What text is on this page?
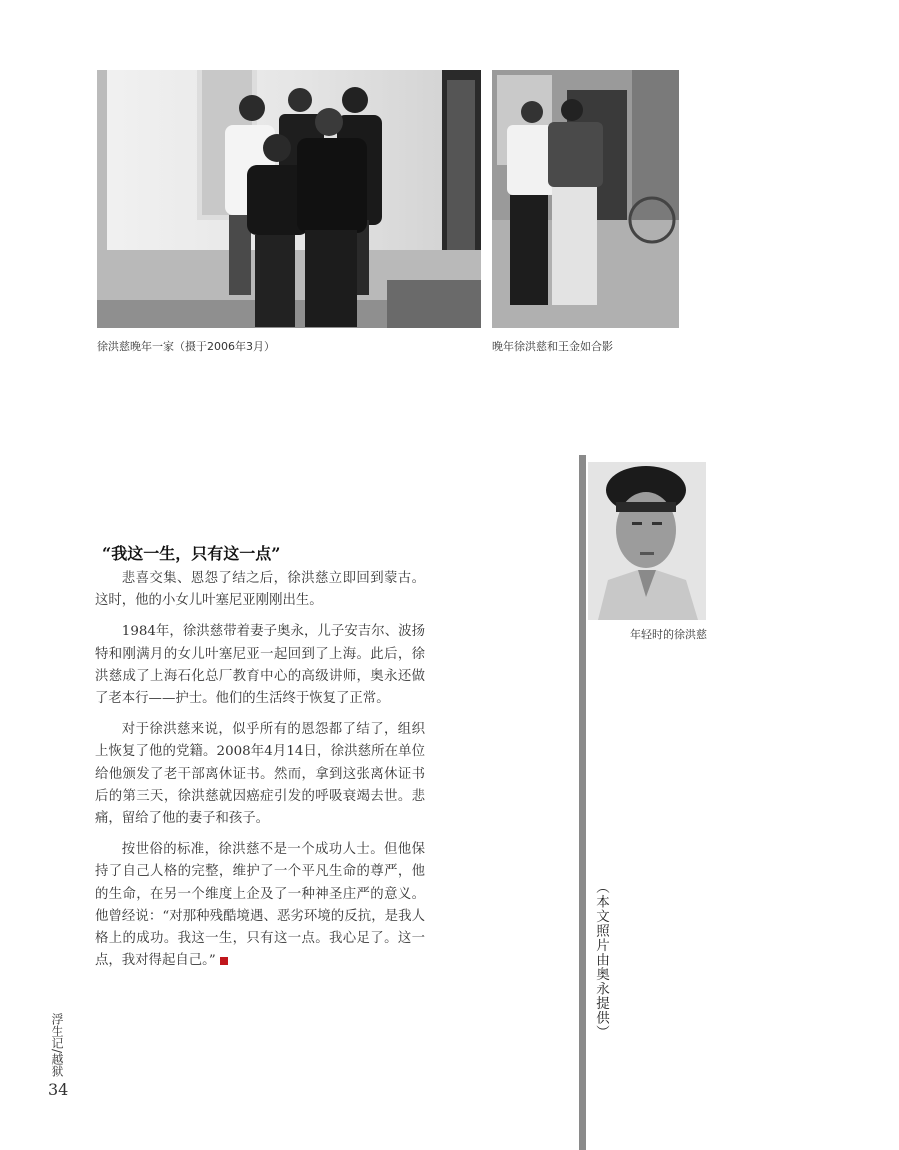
徐洪慈晚年一家（摄于2006年3月）	晚年徐洪慈和王金如合影
“我这一生，只有这一点”

悲喜交集、恩怨了结之后，徐洪慈立即回到蒙古。这时，他的小女儿叶塞尼亚刚刚出生。

1984年，徐洪慈带着妻子奥永，儿子安吉尔、波扬特和刚满月的女儿叶塞尼亚一起回到了上海。此后，徐洪慈成了上海石化总厂教育中心的高级讲师，奥永还做了老本行——护士。他们的生活终于恢复了正常。

对于徐洪慈来说，似乎所有的恩怨都了结了，组织上恢复了他的党籍。2008年4月14日，徐洪慈所在单位给他颁发了老干部离休证书。然而，拿到这张离休证书后的第三天，徐洪慈就因癌症引发的呼吸衰竭去世。悲痛，留给了他的妻子和孩子。

按世俗的标准，徐洪慈不是一个成功人士。但他保持了自己人格的完整，维护了一个平凡生命的尊严，他的生命，在另一个维度上企及了一种神圣庄严的意义。他曾经说：“对那种残酷境遇、恶劣环境的反抗，是我人格上的成功。我这一生，只有这一点。我心足了。这一点，我对得起自己。”

年轻时的徐洪慈
（本文照片由奥永提供）
浮生记/越狱
34
